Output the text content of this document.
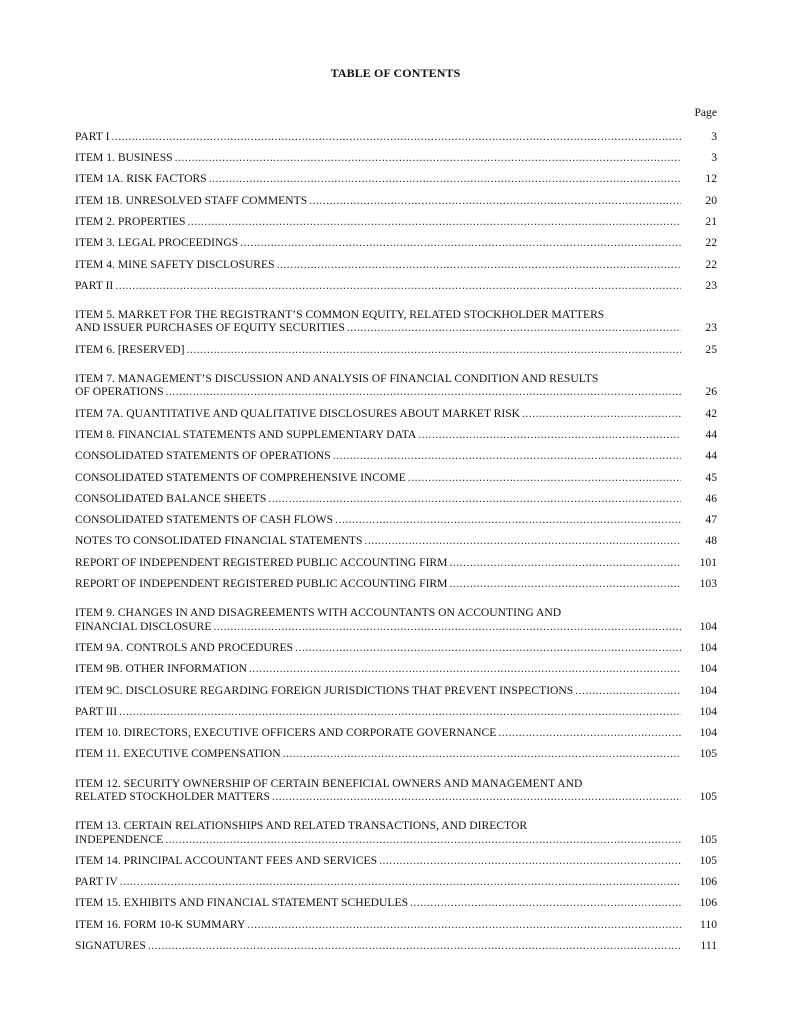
TABLE OF CONTENTS
Page
PART I .....	3
ITEM 1. BUSINESS .....	3
ITEM 1A. RISK FACTORS .....	12
ITEM 1B. UNRESOLVED STAFF COMMENTS .....	20
ITEM 2. PROPERTIES .....	21
ITEM 3. LEGAL PROCEEDINGS .....	22
ITEM 4. MINE SAFETY DISCLOSURES .....	22
PART II .....	23
ITEM 5. MARKET FOR THE REGISTRANT’S COMMON EQUITY, RELATED STOCKHOLDER MATTERS
AND ISSUER PURCHASES OF EQUITY SECURITIES .....	23
ITEM 6. [RESERVED] .....	25
ITEM 7. MANAGEMENT’S DISCUSSION AND ANALYSIS OF FINANCIAL CONDITION AND RESULTS
OF OPERATIONS .....	26
ITEM 7A. QUANTITATIVE AND QUALITATIVE DISCLOSURES ABOUT MARKET RISK .....	42
ITEM 8. FINANCIAL STATEMENTS AND SUPPLEMENTARY DATA .....	44
CONSOLIDATED STATEMENTS OF OPERATIONS .....	44
CONSOLIDATED STATEMENTS OF COMPREHENSIVE INCOME .....	45
CONSOLIDATED BALANCE SHEETS .....	46
CONSOLIDATED STATEMENTS OF CASH FLOWS .....	47
NOTES TO CONSOLIDATED FINANCIAL STATEMENTS .....	48
REPORT OF INDEPENDENT REGISTERED PUBLIC ACCOUNTING FIRM .....	101
REPORT OF INDEPENDENT REGISTERED PUBLIC ACCOUNTING FIRM .....	103
ITEM 9. CHANGES IN AND DISAGREEMENTS WITH ACCOUNTANTS ON ACCOUNTING AND
FINANCIAL DISCLOSURE .....	104
ITEM 9A. CONTROLS AND PROCEDURES .....	104
ITEM 9B. OTHER INFORMATION .....	104
ITEM 9C. DISCLOSURE REGARDING FOREIGN JURISDICTIONS THAT PREVENT INSPECTIONS .....	104
PART III .....	104
ITEM 10. DIRECTORS, EXECUTIVE OFFICERS AND CORPORATE GOVERNANCE .....	104
ITEM 11. EXECUTIVE COMPENSATION .....	105
ITEM 12. SECURITY OWNERSHIP OF CERTAIN BENEFICIAL OWNERS AND MANAGEMENT AND
RELATED STOCKHOLDER MATTERS .....	105
ITEM 13. CERTAIN RELATIONSHIPS AND RELATED TRANSACTIONS, AND DIRECTOR
INDEPENDENCE .....	105
ITEM 14. PRINCIPAL ACCOUNTANT FEES AND SERVICES .....	105
PART IV .....	106
ITEM 15. EXHIBITS AND FINANCIAL STATEMENT SCHEDULES .....	106
ITEM 16. FORM 10-K SUMMARY .....	110
SIGNATURES .....	111
